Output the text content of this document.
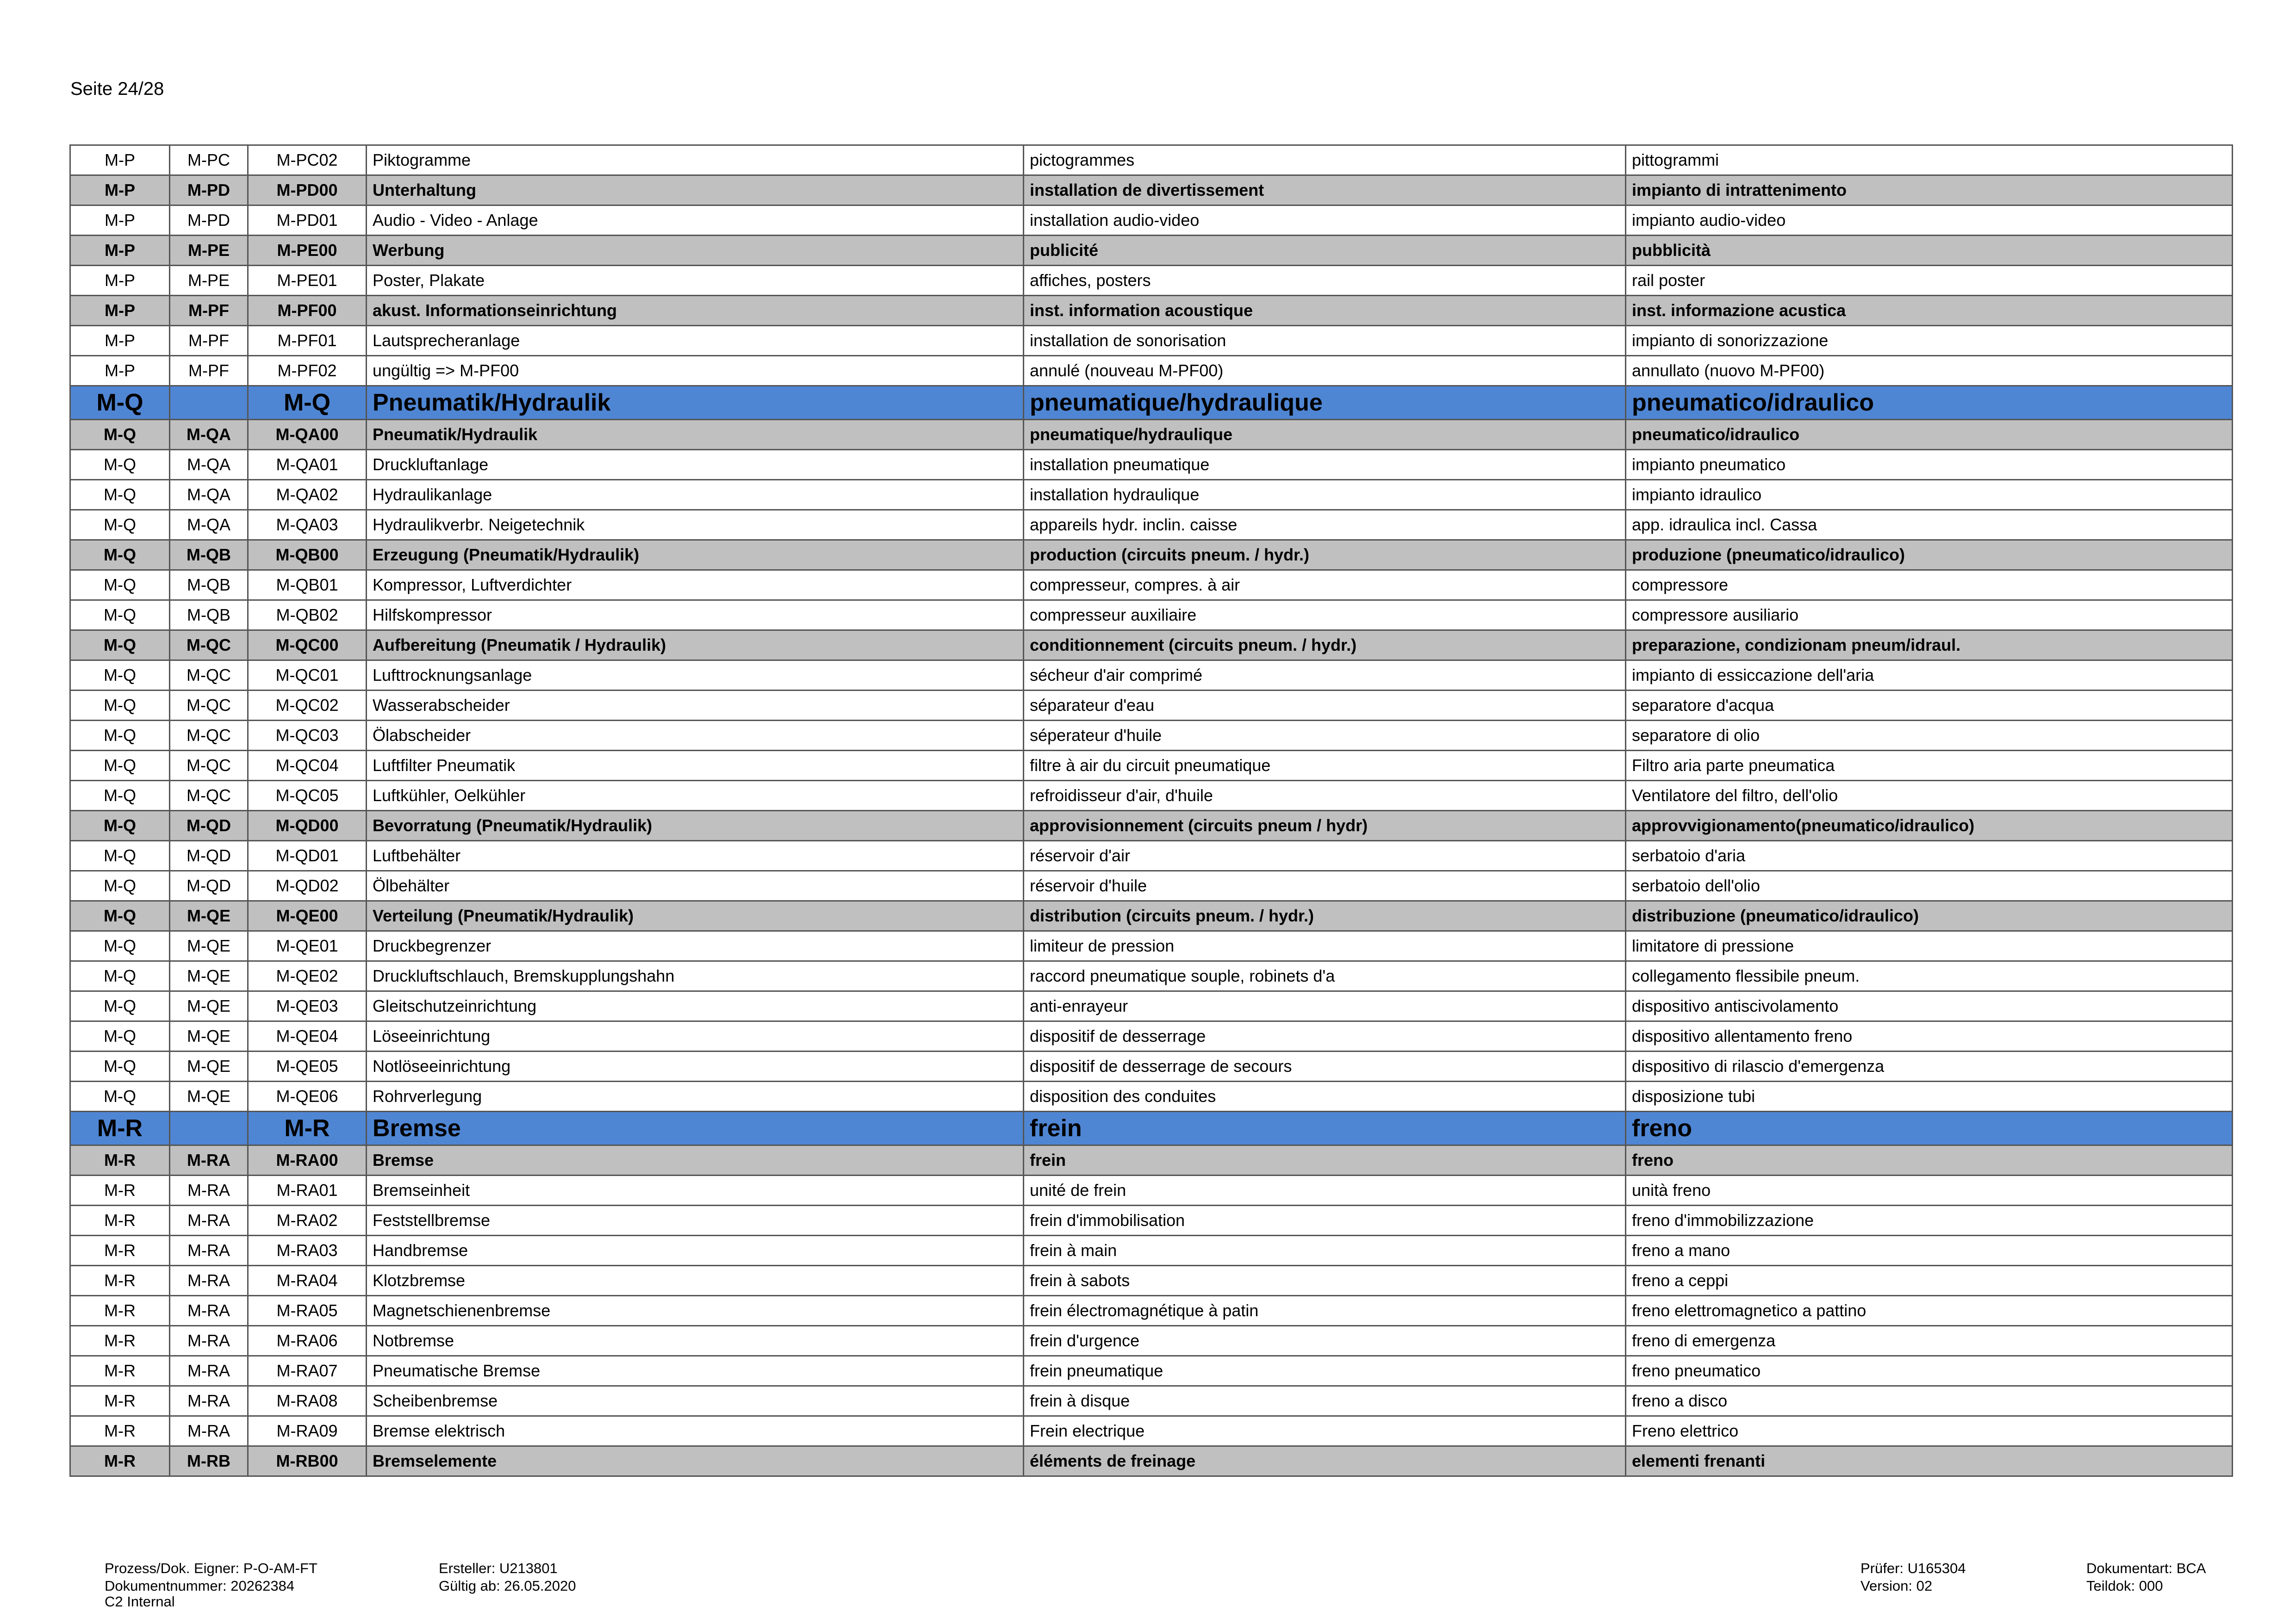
Seite 24/28
M-P	M-PC	M-PC02	Piktogramme	pictogrammes	pittogrammi
M-P	M-PD	M-PD00	Unterhaltung	installation de divertissement	impianto di intrattenimento
M-P	M-PD	M-PD01	Audio - Video - Anlage	installation audio-video	impianto audio-video
M-P	M-PE	M-PE00	Werbung	publicité	pubblicità
M-P	M-PE	M-PE01	Poster, Plakate	affiches, posters	rail poster
M-P	M-PF	M-PF00	akust. Informationseinrichtung	inst. information acoustique	inst. informazione acustica
M-P	M-PF	M-PF01	Lautsprecheranlage	installation de sonorisation	impianto di sonorizzazione
M-P	M-PF	M-PF02	ungültig => M-PF00	annulé (nouveau M-PF00)	annullato (nuovo M-PF00)
M-Q		M-Q	Pneumatik/Hydraulik	pneumatique/hydraulique	pneumatico/idraulico
M-Q	M-QA	M-QA00	Pneumatik/Hydraulik	pneumatique/hydraulique	pneumatico/idraulico
M-Q	M-QA	M-QA01	Druckluftanlage	installation pneumatique	impianto pneumatico
M-Q	M-QA	M-QA02	Hydraulikanlage	installation hydraulique	impianto idraulico
M-Q	M-QA	M-QA03	Hydraulikverbr. Neigetechnik	appareils hydr. inclin. caisse	app. idraulica incl. Cassa
M-Q	M-QB	M-QB00	Erzeugung (Pneumatik/Hydraulik)	production (circuits pneum. / hydr.)	produzione (pneumatico/idraulico)
M-Q	M-QB	M-QB01	Kompressor, Luftverdichter	compresseur, compres. à air	compressore
M-Q	M-QB	M-QB02	Hilfskompressor	compresseur auxiliaire	compressore ausiliario
M-Q	M-QC	M-QC00	Aufbereitung (Pneumatik / Hydraulik)	conditionnement (circuits pneum. / hydr.)	preparazione, condizionam pneum/idraul.
M-Q	M-QC	M-QC01	Lufttrocknungsanlage	sécheur d'air comprimé	impianto di essiccazione dell'aria
M-Q	M-QC	M-QC02	Wasserabscheider	séparateur d'eau	separatore d'acqua
M-Q	M-QC	M-QC03	Ölabscheider	séperateur d'huile	separatore di olio
M-Q	M-QC	M-QC04	Luftfilter Pneumatik	filtre à air du circuit pneumatique	Filtro aria parte pneumatica
M-Q	M-QC	M-QC05	Luftkühler, Oelkühler	refroidisseur d'air, d'huile	Ventilatore del filtro, dell'olio
M-Q	M-QD	M-QD00	Bevorratung (Pneumatik/Hydraulik)	approvisionnement (circuits pneum / hydr)	approvvigionamento(pneumatico/idraulico)
M-Q	M-QD	M-QD01	Luftbehälter	réservoir d'air	serbatoio d'aria
M-Q	M-QD	M-QD02	Ölbehälter	réservoir d'huile	serbatoio dell'olio
M-Q	M-QE	M-QE00	Verteilung (Pneumatik/Hydraulik)	distribution (circuits pneum. / hydr.)	distribuzione (pneumatico/idraulico)
M-Q	M-QE	M-QE01	Druckbegrenzer	limiteur de pression	limitatore di pressione
M-Q	M-QE	M-QE02	Druckluftschlauch, Bremskupplungshahn	raccord pneumatique souple, robinets d'a	collegamento flessibile pneum.
M-Q	M-QE	M-QE03	Gleitschutzeinrichtung	anti-enrayeur	dispositivo antiscivolamento
M-Q	M-QE	M-QE04	Löseeinrichtung	dispositif de desserrage	dispositivo allentamento freno
M-Q	M-QE	M-QE05	Notlöseeinrichtung	dispositif de desserrage de secours	dispositivo di rilascio d'emergenza
M-Q	M-QE	M-QE06	Rohrverlegung	disposition des conduites	disposizione tubi
M-R		M-R	Bremse	frein	freno
M-R	M-RA	M-RA00	Bremse	frein	freno
M-R	M-RA	M-RA01	Bremseinheit	unité de frein	unità freno
M-R	M-RA	M-RA02	Feststellbremse	frein d'immobilisation	freno d'immobilizzazione
M-R	M-RA	M-RA03	Handbremse	frein à main	freno a mano
M-R	M-RA	M-RA04	Klotzbremse	frein à sabots	freno a ceppi
M-R	M-RA	M-RA05	Magnetschienenbremse	frein électromagnétique à patin	freno elettromagnetico a pattino
M-R	M-RA	M-RA06	Notbremse	frein d'urgence	freno di emergenza
M-R	M-RA	M-RA07	Pneumatische Bremse	frein pneumatique	freno pneumatico
M-R	M-RA	M-RA08	Scheibenbremse	frein à disque	freno a disco
M-R	M-RA	M-RA09	Bremse elektrisch	Frein electrique	Freno elettrico
M-R	M-RB	M-RB00	Bremselemente	éléments de freinage	elementi frenanti
Prozess/Dok. Eigner: P-O-AM-FT
Dokumentnummer: 20262384
C2 Internal
Ersteller: U213801
Gültig ab: 26.05.2020
Prüfer: U165304
Version: 02
Dokumentart: BCA
Teildok: 000
